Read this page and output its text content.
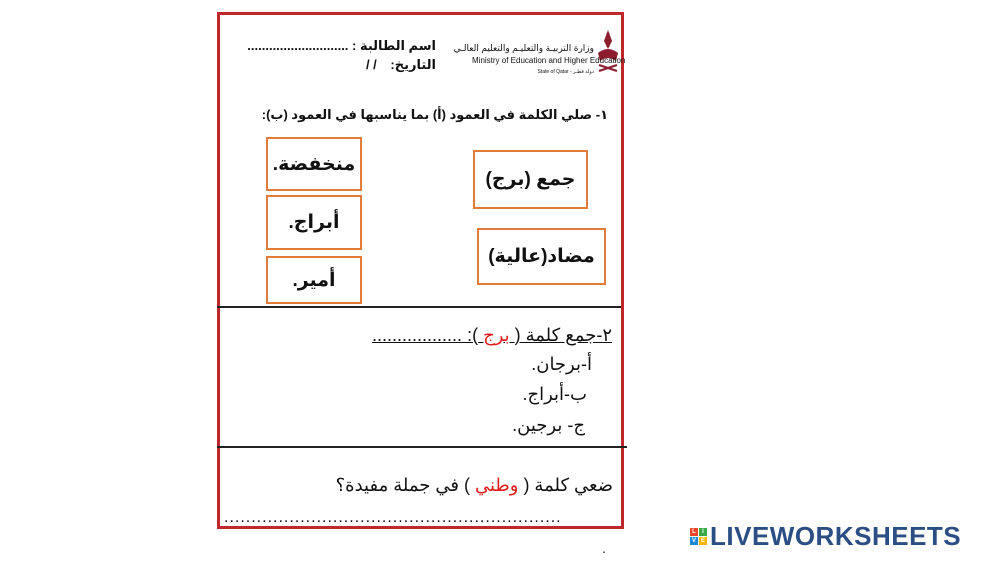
وزارة التربيـة والتعليـم والتعليم العالـي
Ministry of Education and Higher Education
State of Qatar - دولة قطـر
اسم الطالبة : ............................
التاريخ: / /
١- صلي الكلمة في العمود (أ) بما يناسبها في العمود (ب):
منخفضة.
أبراج.
أمير.
جمع (برج)
مضاد(عالية)
٢-جمع كلمة ( برج ): ..................
أ-برجان.
ب-أبراج.
ج- برجين.
ضعي كلمة ( وطني ) في جملة مفيدة؟
..............................................................
.
L	I
V E LIVEWORKSHEETS
